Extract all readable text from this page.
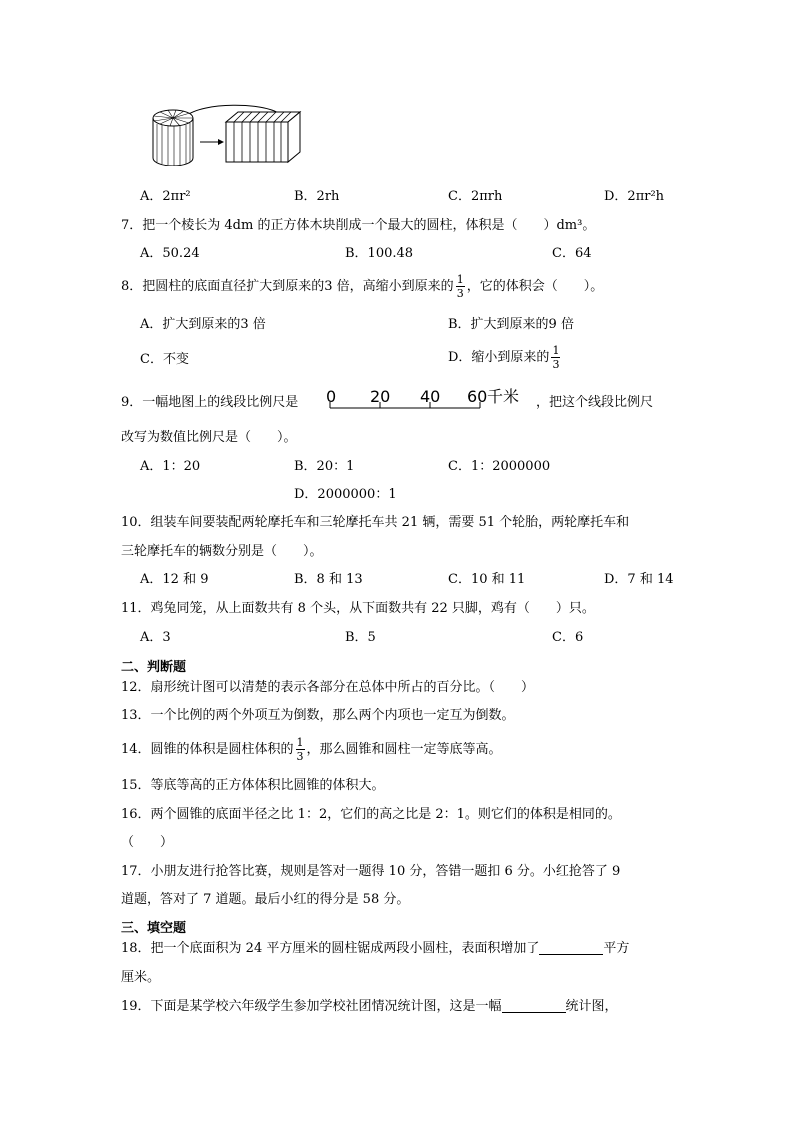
A．2πr²	B．2rh	C．2πrh	D．2πr²h
7．把一个棱长为 4dm 的正方体木块削成一个最大的圆柱，体积是（　　）dm³。
A．50.24	B．100.48	C．64
8．把圆柱的底面直径扩大到原来的3 倍，高缩小到原来的 $\frac{1}{3}$ ，它的体积会（　　）。
A．扩大到原来的3 倍	B．扩大到原来的9 倍
C．不变	D．缩小到原来的 $\frac{1}{3}$
9．一幅地图上的线段比例尺是 0 20 40 60 千米 ，把这个线段比例尺
改写为数值比例尺是（　　）。
A．1：20	B．20：1	C．1：2000000
D．2000000：1
10．组装车间要装配两轮摩托车和三轮摩托车共 21 辆，需要 51 个轮胎，两轮摩托车和
三轮摩托车的辆数分别是（　　）。
A．12 和 9	B．8 和 13	C．10 和 11	D．7 和 14
11．鸡兔同笼，从上面数共有 8 个头，从下面数共有 22 只脚，鸡有（　　）只。
A．3	B．5	C．6
二、判断题
12．扇形统计图可以清楚的表示各部分在总体中所占的百分比。（　　）
13．一个比例的两个外项互为倒数，那么两个内项也一定互为倒数。
14．圆锥的体积是圆柱体积的 $\frac{1}{3}$ ，那么圆锥和圆柱一定等底等高。
15．等底等高的正方体体积比圆锥的体积大。
16．两个圆锥的底面半径之比 1：2，它们的高之比是 2：1。则它们的体积是相同的。
（　　）
17．小朋友进行抢答比赛，规则是答对一题得 10 分，答错一题扣 6 分。小红抢答了 9
道题，答对了 7 道题。最后小红的得分是 58 分。
三、填空题
18．把一个底面积为 24 平方厘米的圆柱锯成两段小圆柱，表面积增加了	平方
厘米。
19．下面是某学校六年级学生参加学校社团情况统计图，这是一幅	统计图，
